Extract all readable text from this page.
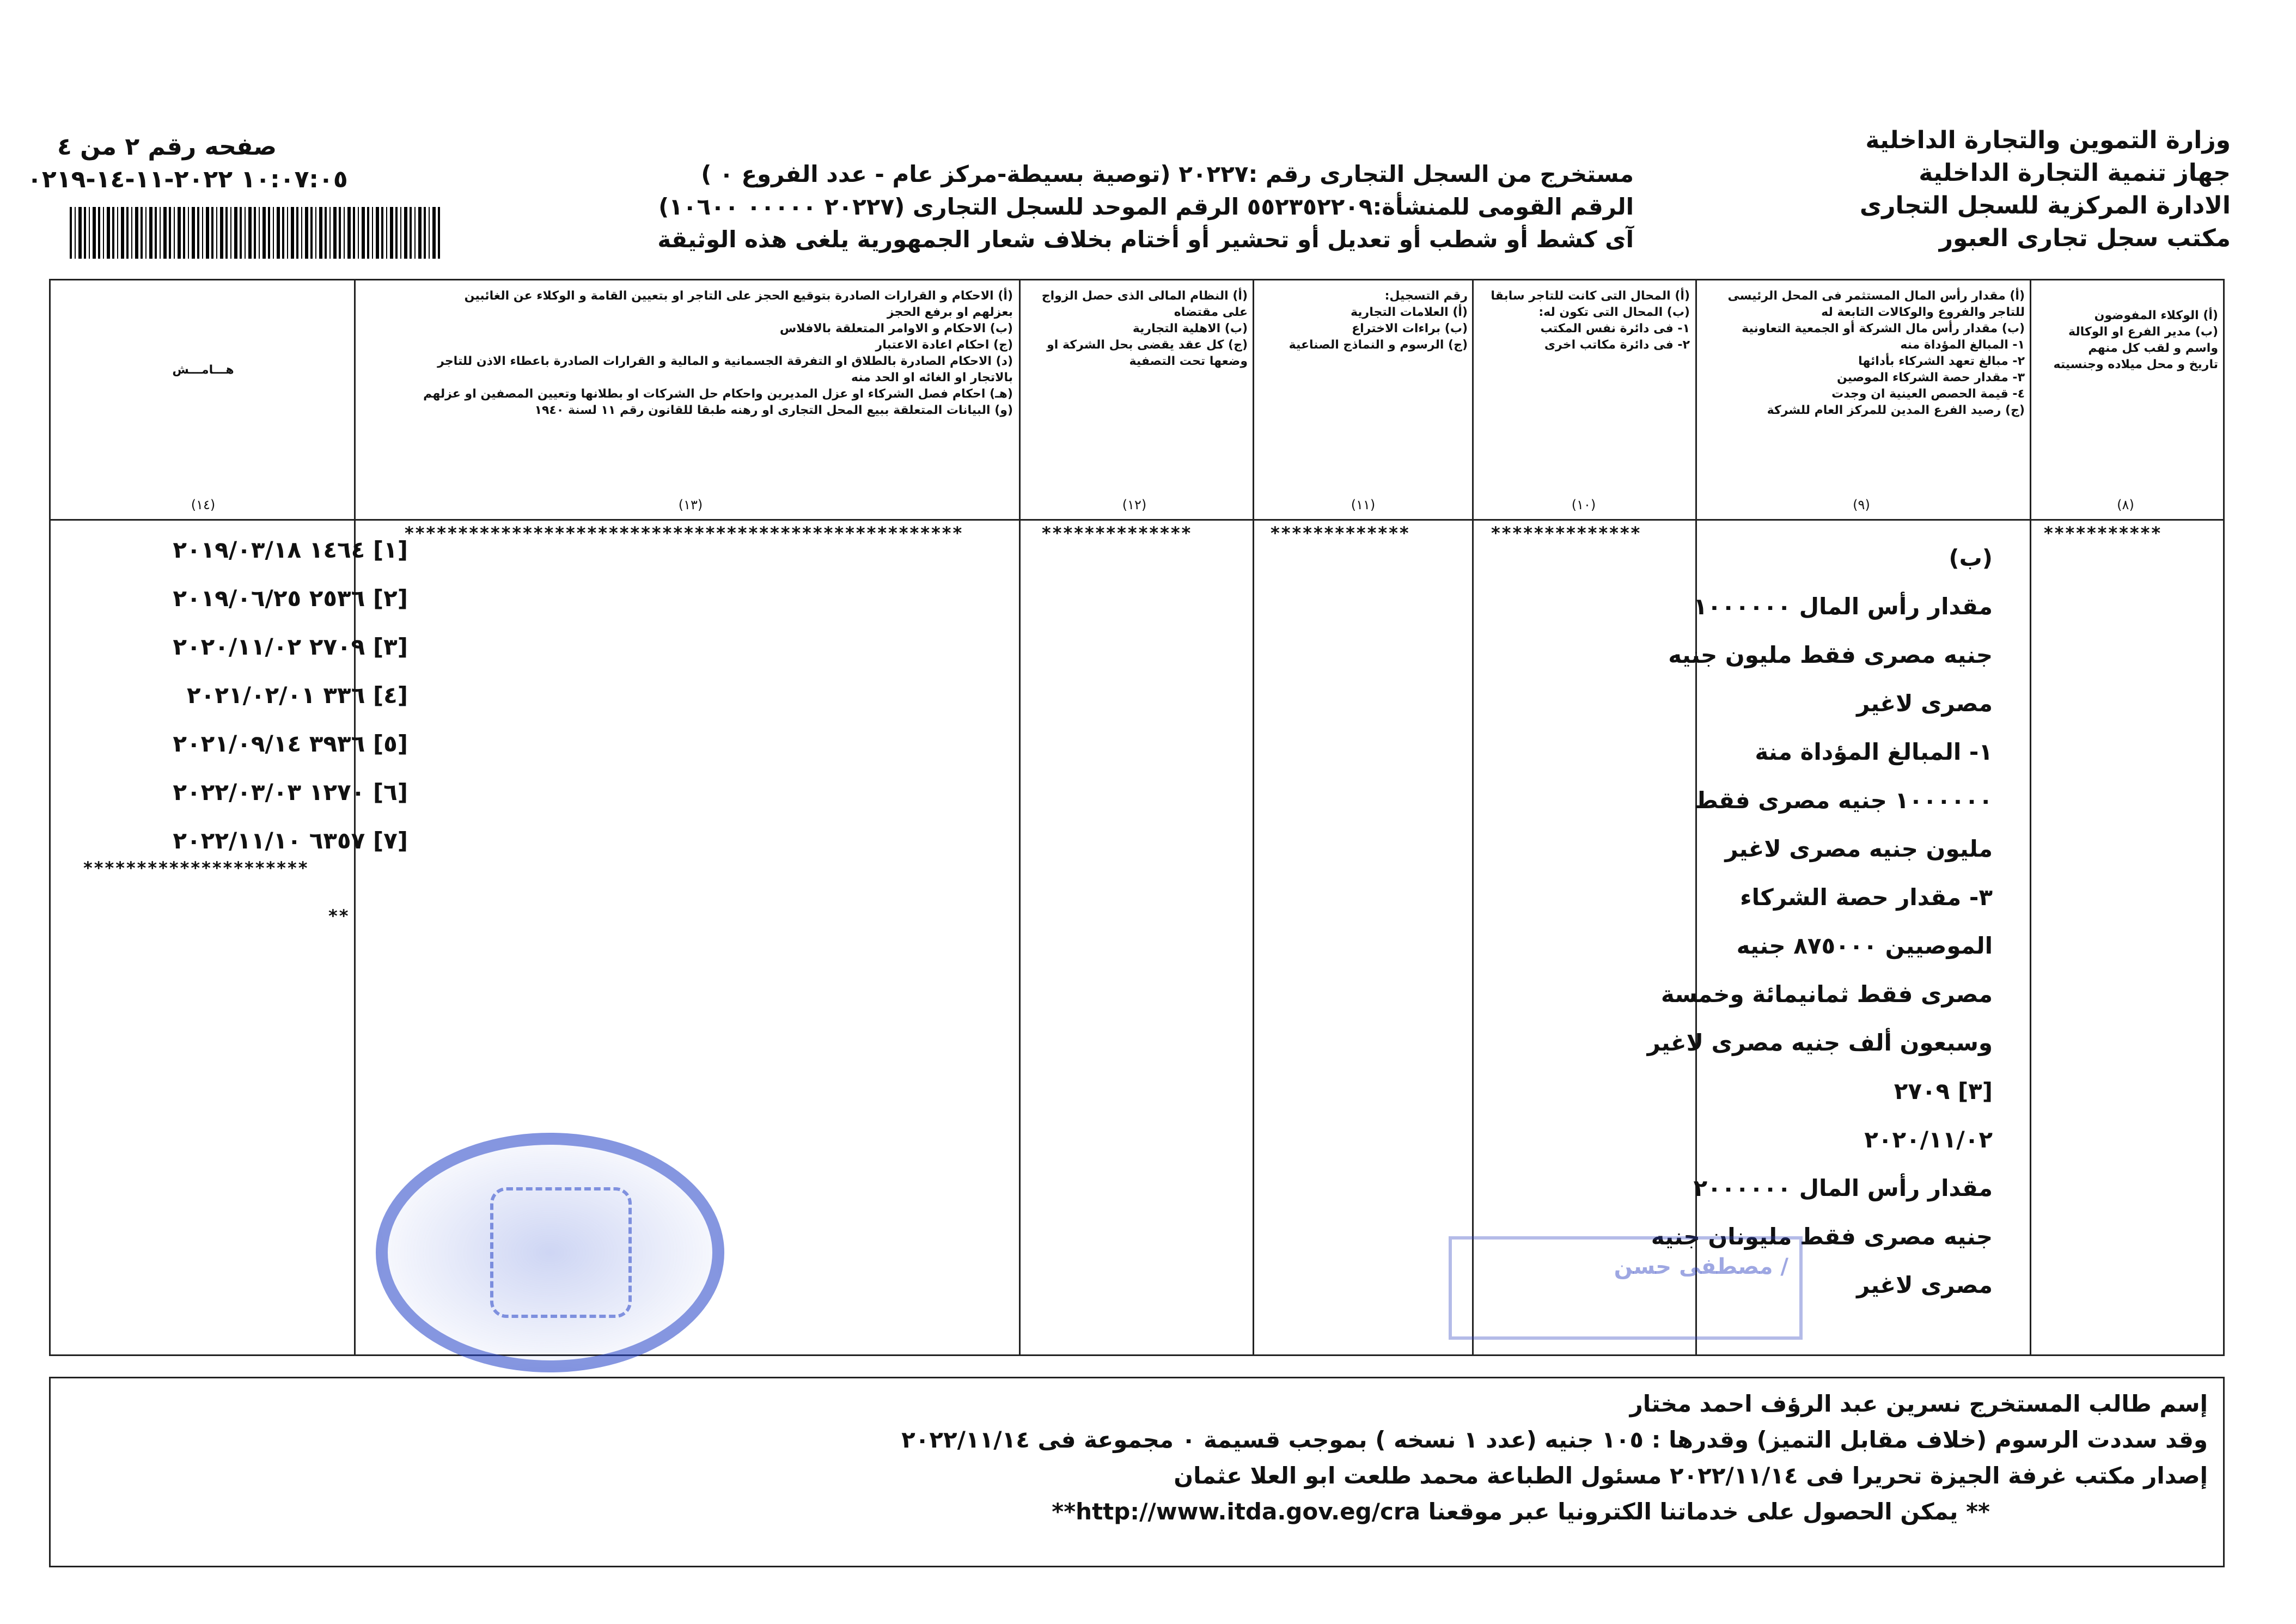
وزارة التموين والتجارة الداخلية
جهاز تنمية التجارة الداخلية
الادارة المركزية للسجل التجارى
مكتب سجل تجارى العبور
مستخرج من السجل التجارى رقم :٢٠٢٢٧ (توصية بسيطة-مركز عام - عدد الفروع ٠ )
الرقم القومى للمنشأة:٥٥٢٣٥٢٢٠٩ الرقم الموحد للسجل التجارى (٢٠٢٢٧ ٠٠٠٠٠ ١٠٦٠٠)
آى كشط أو شطب أو تعديل أو تحشير أو أختام بخلاف شعار الجمهورية يلغى هذه الوثيقة
صفحه رقم ٢ من ٤
١٠:٠٧:٠٥ ٢٠٢٢-١١-١٤-٠٢١٩
(أ) الوكلاء المفوضون
(ب) مدير الفرع او الوكالة
واسم و لقب كل منهم
تاريخ و محل ميلاده وجنسيته
(أ) مقدار رأس المال المستثمر فى المحل الرئيسى
للتاجر والفروع والوكالات التابعة له
(ب) مقدار رأس مال الشركة أو الجمعية التعاونية
١- المبالغ المؤداة منه
٢- مبالغ تعهد الشركاء بأدائها
٣- مقدار حصة الشركاء الموصين
٤- قيمة الحصص العينية ان وجدت
(ج) رصيد الفرع المدين للمركز العام للشركة
(أ) المحال التى كانت للتاجر سابقا
(ب) المحال التى تكون له:
١- فى دائرة نفس المكتب
٢- فى دائرة مكاتب اخرى
رقم التسجيل:
(أ) العلامات التجارية
(ب) براءات الاختراع
(ج) الرسوم و النماذج الصناعية
(أ) النظام المالى الذى حصل الزواج
على مقتضاه
(ب) الاهلية التجارية
(ج) كل عقد يقضى بحل الشركة او
وضعها تحت التصفية
(أ) الاحكام و القرارات الصادرة بتوقيع الحجز على التاجر او بتعيين القامة و الوكلاء عن الغائبين
بعزلهم او برفع الحجز
(ب) الاحكام و الاوامر المتعلقة بالافلاس
(ج) احكام اعادة الاعتبار
(د) الاحكام الصادرة بالطلاق او التفرقة الجسمانية و المالية و القرارات الصادرة باعطاء الاذن للتاجر
بالاتجار او الغائه او الحد منه
(هـ) احكام فصل الشركاء او عزل المديرين واحكام حل الشركات او بطلانها وتعيين المصفين او عزلهم
(و) البيانات المتعلقة ببيع المحل التجارى او رهنه طبقا للقانون رقم ١١ لسنة ١٩٤٠
هـــامـــش
(٨)
(٩)
(١٠)
(١١)
(١٢)
(١٣)
(١٤)
***********
**************
*************
**************
****************************************************
*********************
**
[١] ١٤٦٤ ٢٠١٩/٠٣/١٨
[٢] ٢٥٣٦ ٢٠١٩/٠٦/٢٥
[٣] ٢٧٠٩ ٢٠٢٠/١١/٠٢
[٤] ٣٣٦ ٢٠٢١/٠٢/٠١
[٥] ٣٩٣٦ ٢٠٢١/٠٩/١٤
[٦] ١٢٧٠ ٢٠٢٢/٠٣/٠٣
[٧] ٦٣٥٧ ٢٠٢٢/١١/١٠
(ب)
مقدار رأس المال ١٠٠٠٠٠٠
جنيه مصرى فقط مليون جنيه
مصرى لاغير
١- المبالغ المؤداة منة
١٠٠٠٠٠٠ جنيه مصرى فقط
مليون جنيه مصرى لاغير
٣- مقدار حصة الشركاء
الموصيين ٨٧٥٠٠٠ جنيه
مصرى فقط ثمانيمائة وخمسة
وسبعون ألف جنيه مصرى لاغير
[٣] ٢٧٠٩
٢٠٢٠/١١/٠٢
مقدار رأس المال ٢٠٠٠٠٠٠
جنيه مصرى فقط مليونان جنيه
مصرى لاغير
/ مصطفى حسن
إسم طالب المستخرج نسرين عبد الرؤف احمد مختار
وقد سددت الرسوم (خلاف مقابل التميز) وقدرها : ١٠٥ جنيه (عدد ١ نسخه ) بموجب قسيمة ٠ مجموعة فى ٢٠٢٢/١١/١٤
إصدار مكتب غرفة الجيزة تحريرا فى ٢٠٢٢/١١/١٤ مسئول الطباعة محمد طلعت ابو العلا عثمان
** يمكن الحصول على خدماتنا الكترونيا عبر موقعنا http://www.itda.gov.eg/cra**
